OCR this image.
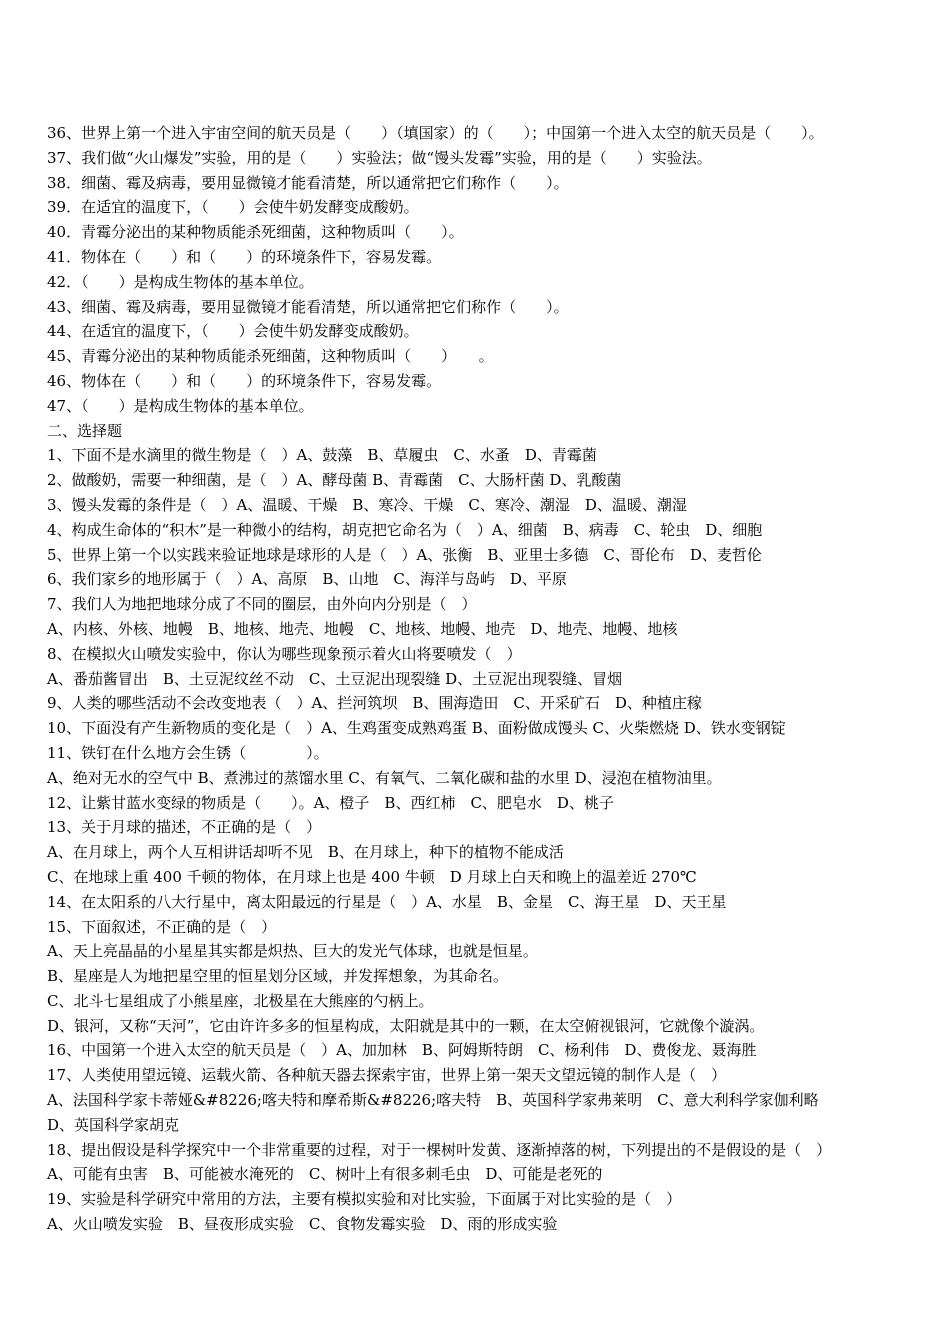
36、世界上第一个进入宇宙空间的航天员是（　　）（填国家）的（　　）；中国第一个进入太空的航天员是（　　）。
37、我们做“火山爆发”实验，用的是（　　）实验法；做“馒头发霉”实验，用的是（　　）实验法。
38．细菌、霉及病毒，要用显微镜才能看清楚，所以通常把它们称作（　　）。
39．在适宜的温度下，（　　）会使牛奶发酵变成酸奶。
40．青霉分泌出的某种物质能杀死细菌，这种物质叫（　　）。
41．物体在（　　）和（　　）的环境条件下，容易发霉。
42．（　　）是构成生物体的基本单位。
43、细菌、霉及病毒，要用显微镜才能看清楚，所以通常把它们称作（　　）。
44、在适宜的温度下，（　　）会使牛奶发酵变成酸奶。
45、青霉分泌出的某种物质能杀死细菌，这种物质叫（　　）　　。
46、物体在（　　）和（　　）的环境条件下，容易发霉。
47、（　　）是构成生物体的基本单位。
二、选择题
1、下面不是水滴里的微生物是（　）A、鼓藻　B、草履虫　C、水蚤　D、青霉菌
2、做酸奶，需要一种细菌，是（　）A、酵母菌 B、青霉菌　C、大肠杆菌 D、乳酸菌
3、馒头发霉的条件是（　）A、温暖、干燥　B、寒冷、干燥　C、寒冷、潮湿　D、温暖、潮湿
4、构成生命体的“积木”是一种微小的结构，胡克把它命名为（　）A、细菌　B、病毒　C、轮虫　D、细胞
5、世界上第一个以实践来验证地球是球形的人是（　）A、张衡　B、亚里士多德　C、哥伦布　D、麦哲伦
6、我们家乡的地形属于（　）A、高原　B、山地　C、海洋与岛屿　D、平原
7、我们人为地把地球分成了不同的圈层，由外向内分别是（　）
A、内核、外核、地幔　B、地核、地壳、地幔　C、地核、地幔、地壳　D、地壳、地幔、地核
8、在模拟火山喷发实验中，你认为哪些现象预示着火山将要喷发（　）
A、番茄酱冒出　B、土豆泥纹丝不动　C、土豆泥出现裂缝 D、土豆泥出现裂缝、冒烟
9、人类的哪些活动不会改变地表（　）A、拦河筑坝　B、围海造田　C、开采矿石　D、种植庄稼
10、下面没有产生新物质的变化是（　）A、生鸡蛋变成熟鸡蛋 B、面粉做成馒头 C、火柴燃烧 D、铁水变钢锭
11、铁钉在什么地方会生锈（　　　　）。
A、绝对无水的空气中 B、煮沸过的蒸馏水里 C、有氧气、二氧化碳和盐的水里 D、浸泡在植物油里。
12、让紫甘蓝水变绿的物质是（　　）。A、橙子　B、西红柿　C、肥皂水　D、桃子
13、关于月球的描述，不正确的是（　）
A、在月球上，两个人互相讲话却听不见　B、在月球上，种下的植物不能成活
C、在地球上重 400 千顿的物体，在月球上也是 400 牛顿　D 月球上白天和晚上的温差近 270℃
14、在太阳系的八大行星中，离太阳最远的行星是（　）A、水星　B、金星　C、海王星　D、天王星
15、下面叙述，不正确的是（　）
A、天上亮晶晶的小星星其实都是炽热、巨大的发光气体球，也就是恒星。
B、星座是人为地把星空里的恒星划分区域，并发挥想象，为其命名。
C、北斗七星组成了小熊星座，北极星在大熊座的勺柄上。
D、银河，又称“天河”，它由许许多多的恒星构成，太阳就是其中的一颗，在太空俯视银河，它就像个漩涡。
16、中国第一个进入太空的航天员是（　）A、加加林　B、阿姆斯特朗　C、杨利伟　D、费俊龙、聂海胜
17、人类使用望远镜、运载火箭、各种航天器去探索宇宙，世界上第一架天文望远镜的制作人是（　）
A、法国科学家卡蒂娅&#8226;喀夫特和摩希斯&#8226;喀夫特　B、英国科学家弗莱明　C、意大利科学家伽利略
D、英国科学家胡克
18、提出假设是科学探究中一个非常重要的过程，对于一棵树叶发黄、逐渐掉落的树，下列提出的不是假设的是（　）
A、可能有虫害　B、可能被水淹死的　C、树叶上有很多刺毛虫　D、可能是老死的
19、实验是科学研究中常用的方法，主要有模拟实验和对比实验，下面属于对比实验的是（　）
A、火山喷发实验　B、昼夜形成实验　C、食物发霉实验　D、雨的形成实验
